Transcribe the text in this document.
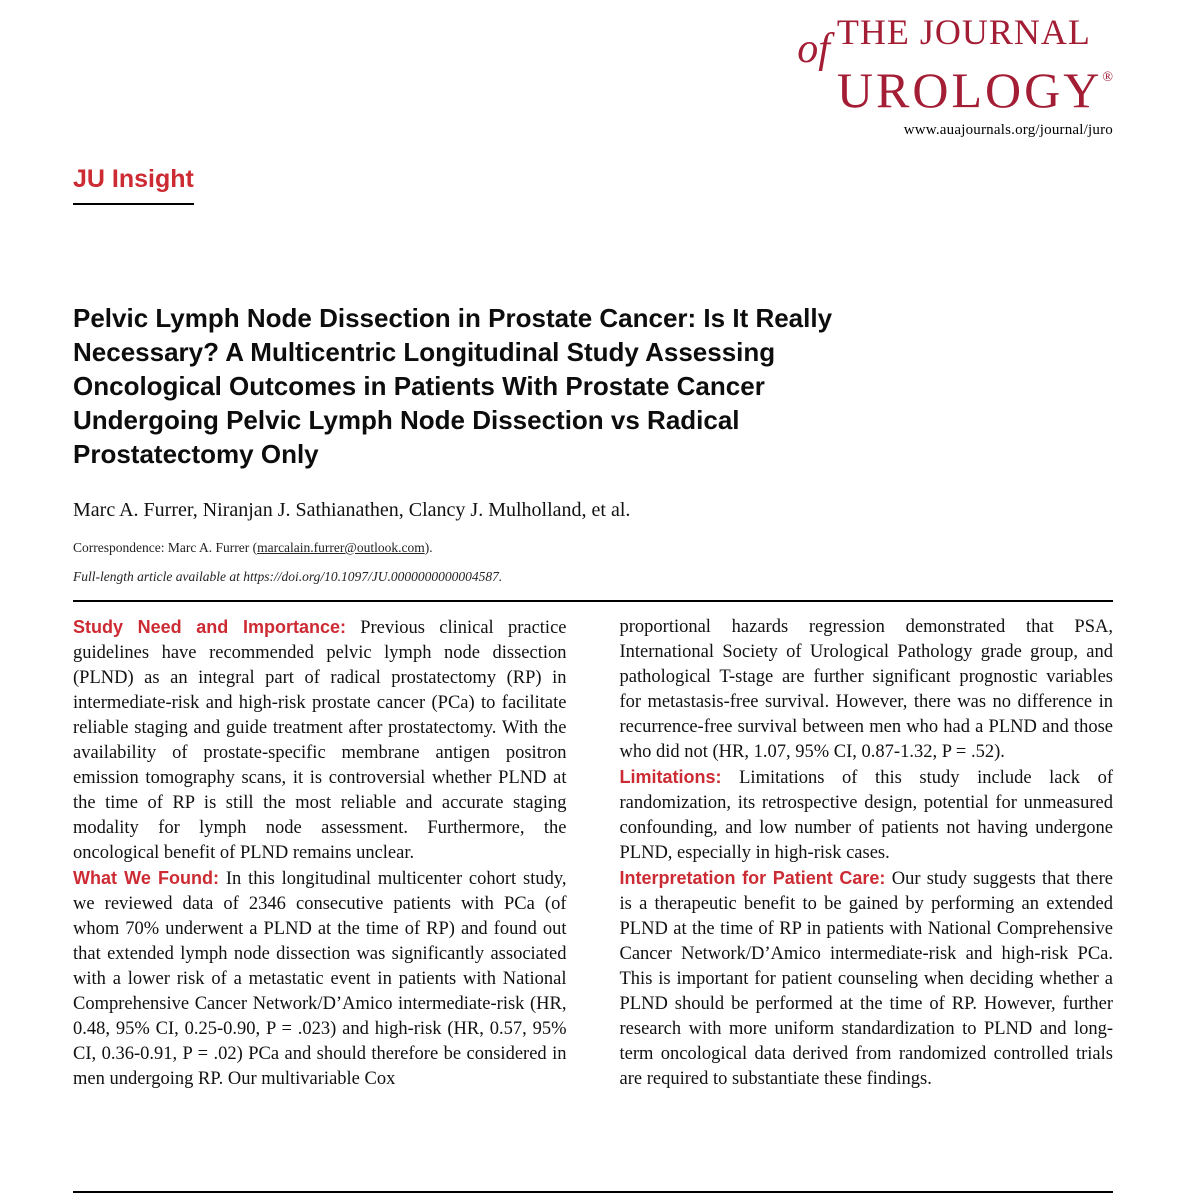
of THE JOURNAL
UROLOGY®
www.auajournals.org/journal/juro
JU Insight
Pelvic Lymph Node Dissection in Prostate Cancer: Is It Really Necessary? A Multicentric Longitudinal Study Assessing Oncological Outcomes in Patients With Prostate Cancer Undergoing Pelvic Lymph Node Dissection vs Radical Prostatectomy Only

Marc A. Furrer, Niranjan J. Sathianathen, Clancy J. Mulholland, et al.

Correspondence: Marc A. Furrer (marcalain.furrer@outlook.com).

Full-length article available at https://doi.org/10.1097/JU.0000000000004587.

Study Need and Importance: Previous clinical practice guidelines have recommended pelvic lymph node dissection (PLND) as an integral part of radical prostatectomy (RP) in intermediate-risk and high-risk prostate cancer (PCa) to facilitate reliable staging and guide treatment after prostatectomy. With the availability of prostate-specific membrane antigen positron emission tomography scans, it is controversial whether PLND at the time of RP is still the most reliable and accurate staging modality for lymph node assessment. Furthermore, the oncological benefit of PLND remains unclear.

What We Found: In this longitudinal multicenter cohort study, we reviewed data of 2346 consecutive patients with PCa (of whom 70% underwent a PLND at the time of RP) and found out that extended lymph node dissection was significantly associated with a lower risk of a metastatic event in patients with National Comprehensive Cancer Network/D’Amico intermediate-risk (HR, 0.48, 95% CI, 0.25-0.90, P = .023) and high-risk (HR, 0.57, 95% CI, 0.36-0.91, P = .02) PCa and should therefore be considered in men undergoing RP. Our multivariable Cox

proportional hazards regression demonstrated that PSA, International Society of Urological Pathology grade group, and pathological T-stage are further significant prognostic variables for metastasis-free survival. However, there was no difference in recurrence-free survival between men who had a PLND and those who did not (HR, 1.07, 95% CI, 0.87-1.32, P = .52).

Limitations: Limitations of this study include lack of randomization, its retrospective design, potential for unmeasured confounding, and low number of patients not having undergone PLND, especially in high-risk cases.

Interpretation for Patient Care: Our study suggests that there is a therapeutic benefit to be gained by performing an extended PLND at the time of RP in patients with National Comprehensive Cancer Network/D’Amico intermediate-risk and high-risk PCa. This is important for patient counseling when deciding whether a PLND should be performed at the time of RP. However, further research with more uniform standardization to PLND and long-term oncological data derived from randomized controlled trials are required to substantiate these findings.
